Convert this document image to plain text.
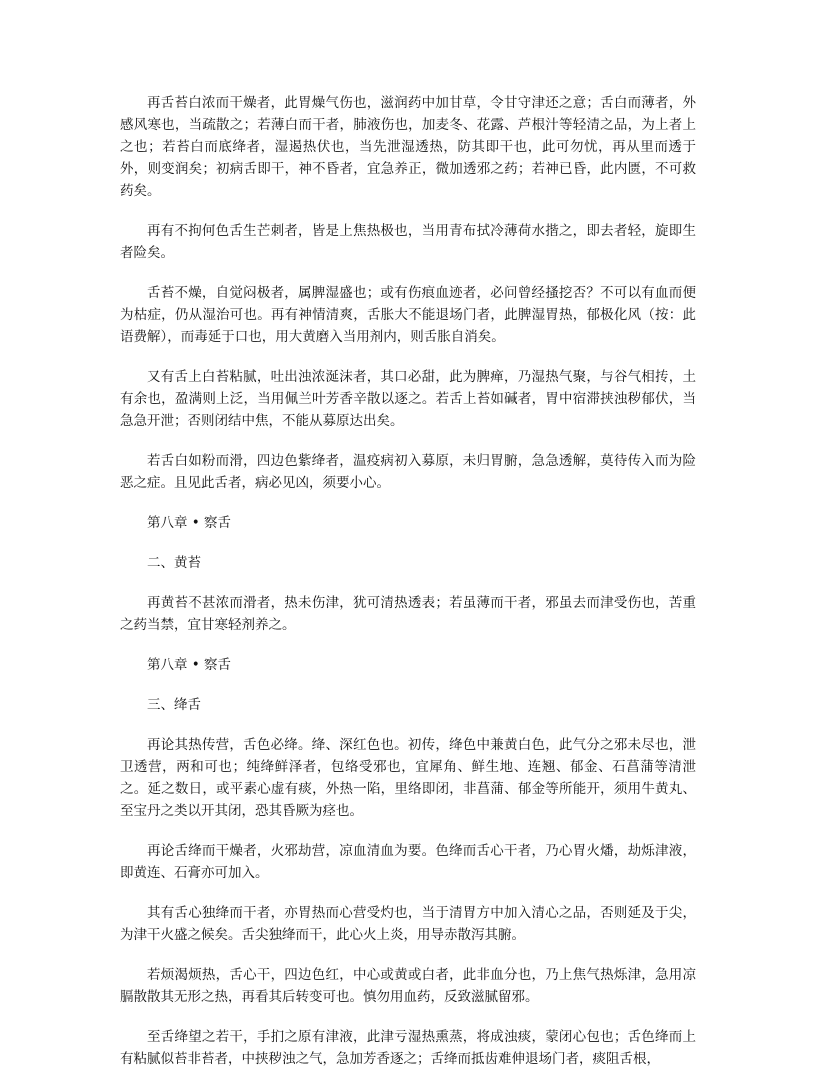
再舌苔白浓而干燥者，此胃燥气伤也，滋润药中加甘草，令甘守津还之意；舌白而薄者，外感风寒也，当疏散之；若薄白而干者，肺液伤也，加麦冬、花露、芦根汁等轻清之品，为上者上之也；若苔白而底绛者，湿遏热伏也，当先泄湿透热，防其即干也，此可勿忧，再从里而透于外，则变润矣；初病舌即干，神不昏者，宜急养正，微加透邪之药；若神已昏，此内匮，不可救药矣。

再有不拘何色舌生芒刺者，皆是上焦热极也，当用青布拭冷薄荷水揩之，即去者轻，旋即生者险矣。

舌苔不燥，自觉闷极者，属脾湿盛也；或有伤痕血迹者，必问曾经搔挖否？不可以有血而便为枯症，仍从湿治可也。再有神情清爽，舌胀大不能退场门者，此脾湿胃热，郁极化风（按：此语费解），而毒延于口也，用大黄磨入当用剂内，则舌胀自消矣。

又有舌上白苔粘腻，吐出浊浓涎沫者，其口必甜，此为脾瘅，乃湿热气聚，与谷气相抟，土有余也，盈满则上泛，当用佩兰叶芳香辛散以逐之。若舌上苔如碱者，胃中宿滞挟浊秽郁伏，当急急开泄；否则闭结中焦，不能从募原达出矣。

若舌白如粉而滑，四边色紫绛者，温疫病初入募原，未归胃腑，急急透解，莫待传入而为险恶之症。且见此舌者，病必见凶，须要小心。

第八章 • 察舌

二、黄苔

再黄苔不甚浓而滑者，热未伤津，犹可清热透表；若虽薄而干者，邪虽去而津受伤也，苦重之药当禁，宜甘寒轻剂养之。

第八章 • 察舌

三、绛舌

再论其热传营，舌色必绛。绛、深红色也。初传，绛色中兼黄白色，此气分之邪未尽也，泄卫透营，两和可也；纯绛鲜泽者，包络受邪也，宜犀角、鲜生地、连翘、郁金、石菖蒲等清泄之。延之数日，或平素心虚有痰，外热一陷，里络即闭，非菖蒲、郁金等所能开，须用牛黄丸、至宝丹之类以开其闭，恐其昏厥为痉也。

再论舌绛而干燥者，火邪劫营，凉血清血为要。色绛而舌心干者，乃心胃火燔，劫烁津液，即黄连、石膏亦可加入。

其有舌心独绛而干者，亦胃热而心营受灼也，当于清胃方中加入清心之品，否则延及于尖，为津干火盛之候矣。舌尖独绛而干，此心火上炎，用导赤散泻其腑。

若烦渴烦热，舌心干，四边色红，中心或黄或白者，此非血分也，乃上焦气热烁津，急用凉膈散散其无形之热，再看其后转变可也。慎勿用血药，反致滋腻留邪。

至舌绛望之若干，手扪之原有津液，此津亏湿热熏蒸，将成浊痰，蒙闭心包也；舌色绛而上有粘腻似苔非苔者，中挟秽浊之气，急加芳香逐之；舌绛而抵齿难伸退场门者，痰阻舌根，
